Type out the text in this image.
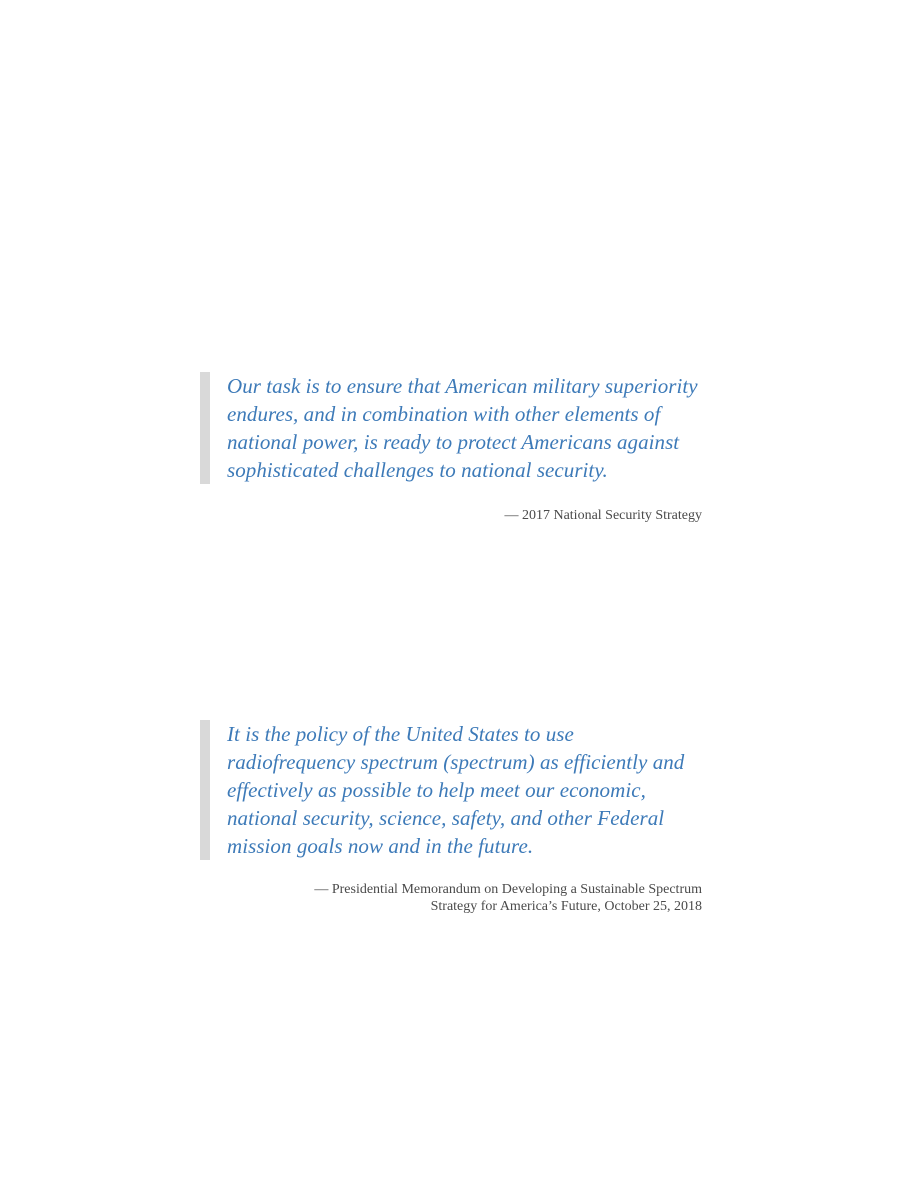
Our task is to ensure that American military superiority
endures, and in combination with other elements of
national power, is ready to protect Americans against
sophisticated challenges to national security.

— 2017 National Security Strategy

It is the policy of the United States to use
radiofrequency spectrum (spectrum) as efficiently and
effectively as possible to help meet our economic,
national security, science, safety, and other Federal
mission goals now and in the future.

— Presidential Memorandum on Developing a Sustainable Spectrum
Strategy for America’s Future, October 25, 2018
